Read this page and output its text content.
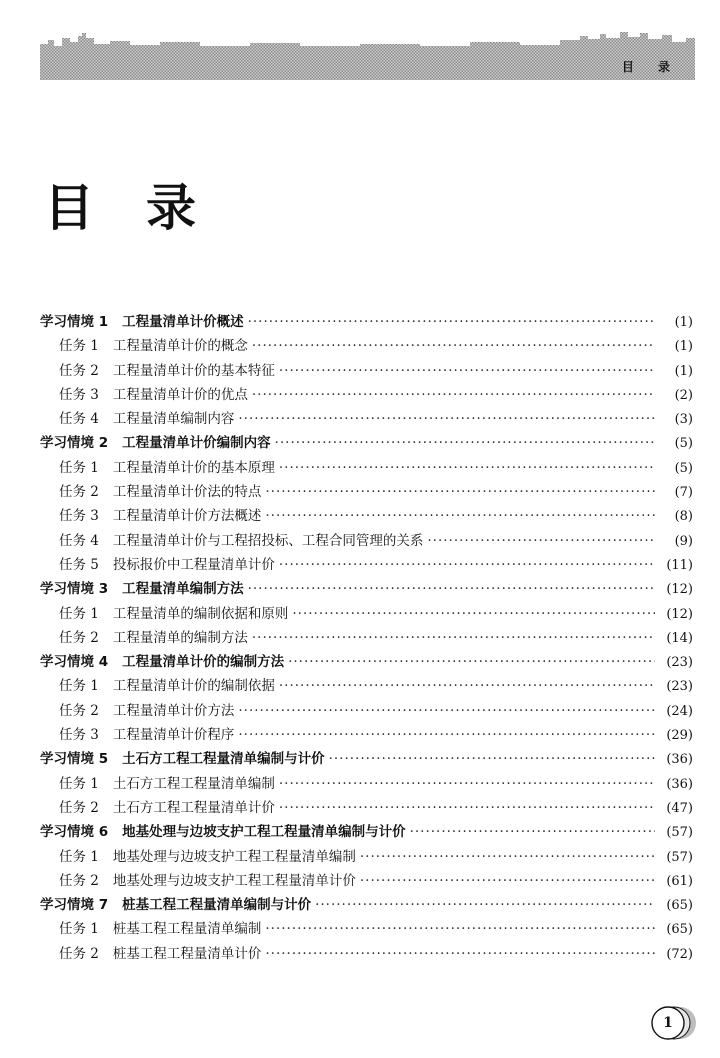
目 录
目录
学习情境 1 工程量清单计价概述 ·····	(1)
任务 1 工程量清单计价的概念 ·····	(1)
任务 2 工程量清单计价的基本特征 ·····	(1)
任务 3 工程量清单计价的优点 ·····	(2)
任务 4 工程量清单编制内容 ·····	(3)
学习情境 2 工程量清单计价编制内容 ·····	(5)
任务 1 工程量清单计价的基本原理 ·····	(5)
任务 2 工程量清单计价法的特点 ·····	(7)
任务 3 工程量清单计价方法概述 ·····	(8)
任务 4 工程量清单计价与工程招投标、工程合同管理的关系 ·····	(9)
任务 5 投标报价中工程量清单计价 ·····	(11)
学习情境 3 工程量清单编制方法 ·····	(12)
任务 1 工程量清单的编制依据和原则 ·····	(12)
任务 2 工程量清单的编制方法 ·····	(14)
学习情境 4 工程量清单计价的编制方法 ·····	(23)
任务 1 工程量清单计价的编制依据 ·····	(23)
任务 2 工程量清单计价方法 ·····	(24)
任务 3 工程量清单计价程序 ·····	(29)
学习情境 5 土石方工程工程量清单编制与计价 ·····	(36)
任务 1 土石方工程工程量清单编制 ·····	(36)
任务 2 土石方工程工程量清单计价 ·····	(47)
学习情境 6 地基处理与边坡支护工程工程量清单编制与计价 ·····	(57)
任务 1 地基处理与边坡支护工程工程量清单编制 ·····	(57)
任务 2 地基处理与边坡支护工程工程量清单计价 ·····	(61)
学习情境 7 桩基工程工程量清单编制与计价 ·····	(65)
任务 1 桩基工程工程量清单编制 ·····	(65)
任务 2 桩基工程工程量清单计价 ·····	(72)
1
